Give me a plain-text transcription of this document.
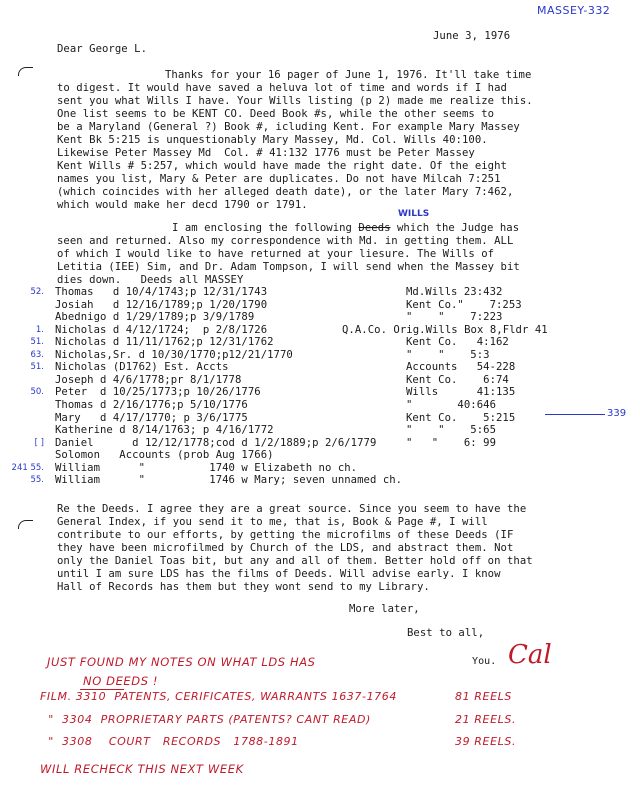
MASSEY-332
June 3, 1976
Dear George L.
Thanks for your 16 pager of June 1, 1976. It'll take time
to digest. It would have saved a heluva lot of time and words if I had
sent you what Wills I have. Your Wills listing (p 2) made me realize this.
One list seems to be KENT CO. Deed Book #s, while the other seems to
be a Maryland (General ?) Book #, icluding Kent. For example Mary Massey
Kent Bk 5:215 is unquestionably Mary Massey, Md. Col. Wills 40:100.
Likewise Peter Massey Md  Col. # 41:132 1776 must be Peter Massey
Kent Wills # 5:257, which would have made the right date. Of the eight
names you list, Mary & Peter are duplicates. Do not have Milcah 7:251
(which coincides with her alleged death date), or the later Mary 7:462,
which would make her decd 1790 or 1791.
WILLS
I am enclosing the following Deeds which the Judge has
seen and returned. Also my correspondence with Md. in getting them. ALL
of which I would like to have returned at your liesure. The Wills of
Letitia (IEE) Sim, and Dr. Adam Tompson, I will send when the Massey bit
dies down.   Deeds all MASSEY
52. Thomas   d 10/4/1743;p 12/31/1743	Md.Wills 23:432
Josiah   d 12/16/1789;p 1/20/1790	Kent Co."    7:253
Abednigo d 1/29/1789;p 3/9/1789	"    "    7:223
1. Nicholas d 4/12/1724;  p 2/8/1726	Q.A.Co. Orig.Wills Box 8,Fldr 41
51. Nicholas d 11/11/1762;p 12/31/1762	Kent Co.   4:162
63. Nicholas,Sr. d 10/30/1770;p12/21/1770	"    "    5:3
51. Nicholas (D1762) Est. Accts	Accounts   54-228
Joseph d 4/6/1778;pr 8/1/1778	Kent Co.    6:74
50. Peter  d 10/25/1773;p 10/26/1776	Wills      41:135
Thomas d 2/16/1776;p 5/10/1776	"       40:646
Mary   d 4/17/1770; p 3/6/1775	Kent Co.    5:215
Katherine d 8/14/1763; p 4/16/1772	"    "    5:65
[ ] Daniel      d 12/12/1778;cod d 1/2/1889;p 2/6/1779	"   "    6: 99
Solomon   Accounts (prob Aug 1766)
241 55. William      "          1740 w Elizabeth no ch.
55. William      "          1746 w Mary; seven unnamed ch.
339
Re the Deeds. I agree they are a great source. Since you seem to have the
General Index, if you send it to me, that is, Book & Page #, I will
contribute to our efforts, by getting the microfilms of these Deeds (IF
they have been microfilmed by Church of the LDS, and abstract them. Not
only the Daniel Toas bit, but any and all of them. Better hold off on that
until I am sure LDS has the films of Deeds. Will advise early. I know
Hall of Records has them but they wont send to my Library.
More later,
Best to all,
You. Cal
JUST FOUND MY NOTES ON WHAT LDS HAS
NO DEEDS !
FILM. 3310  PATENTS, CERIFICATES, WARRANTS 1637-1764	81 REELS
"  3304  PROPRIETARY PARTS (PATENTS? CANT READ)	21 REELS.
"  3308    COURT   RECORDS   1788-1891	39 REELS.
WILL RECHECK THIS NEXT WEEK
